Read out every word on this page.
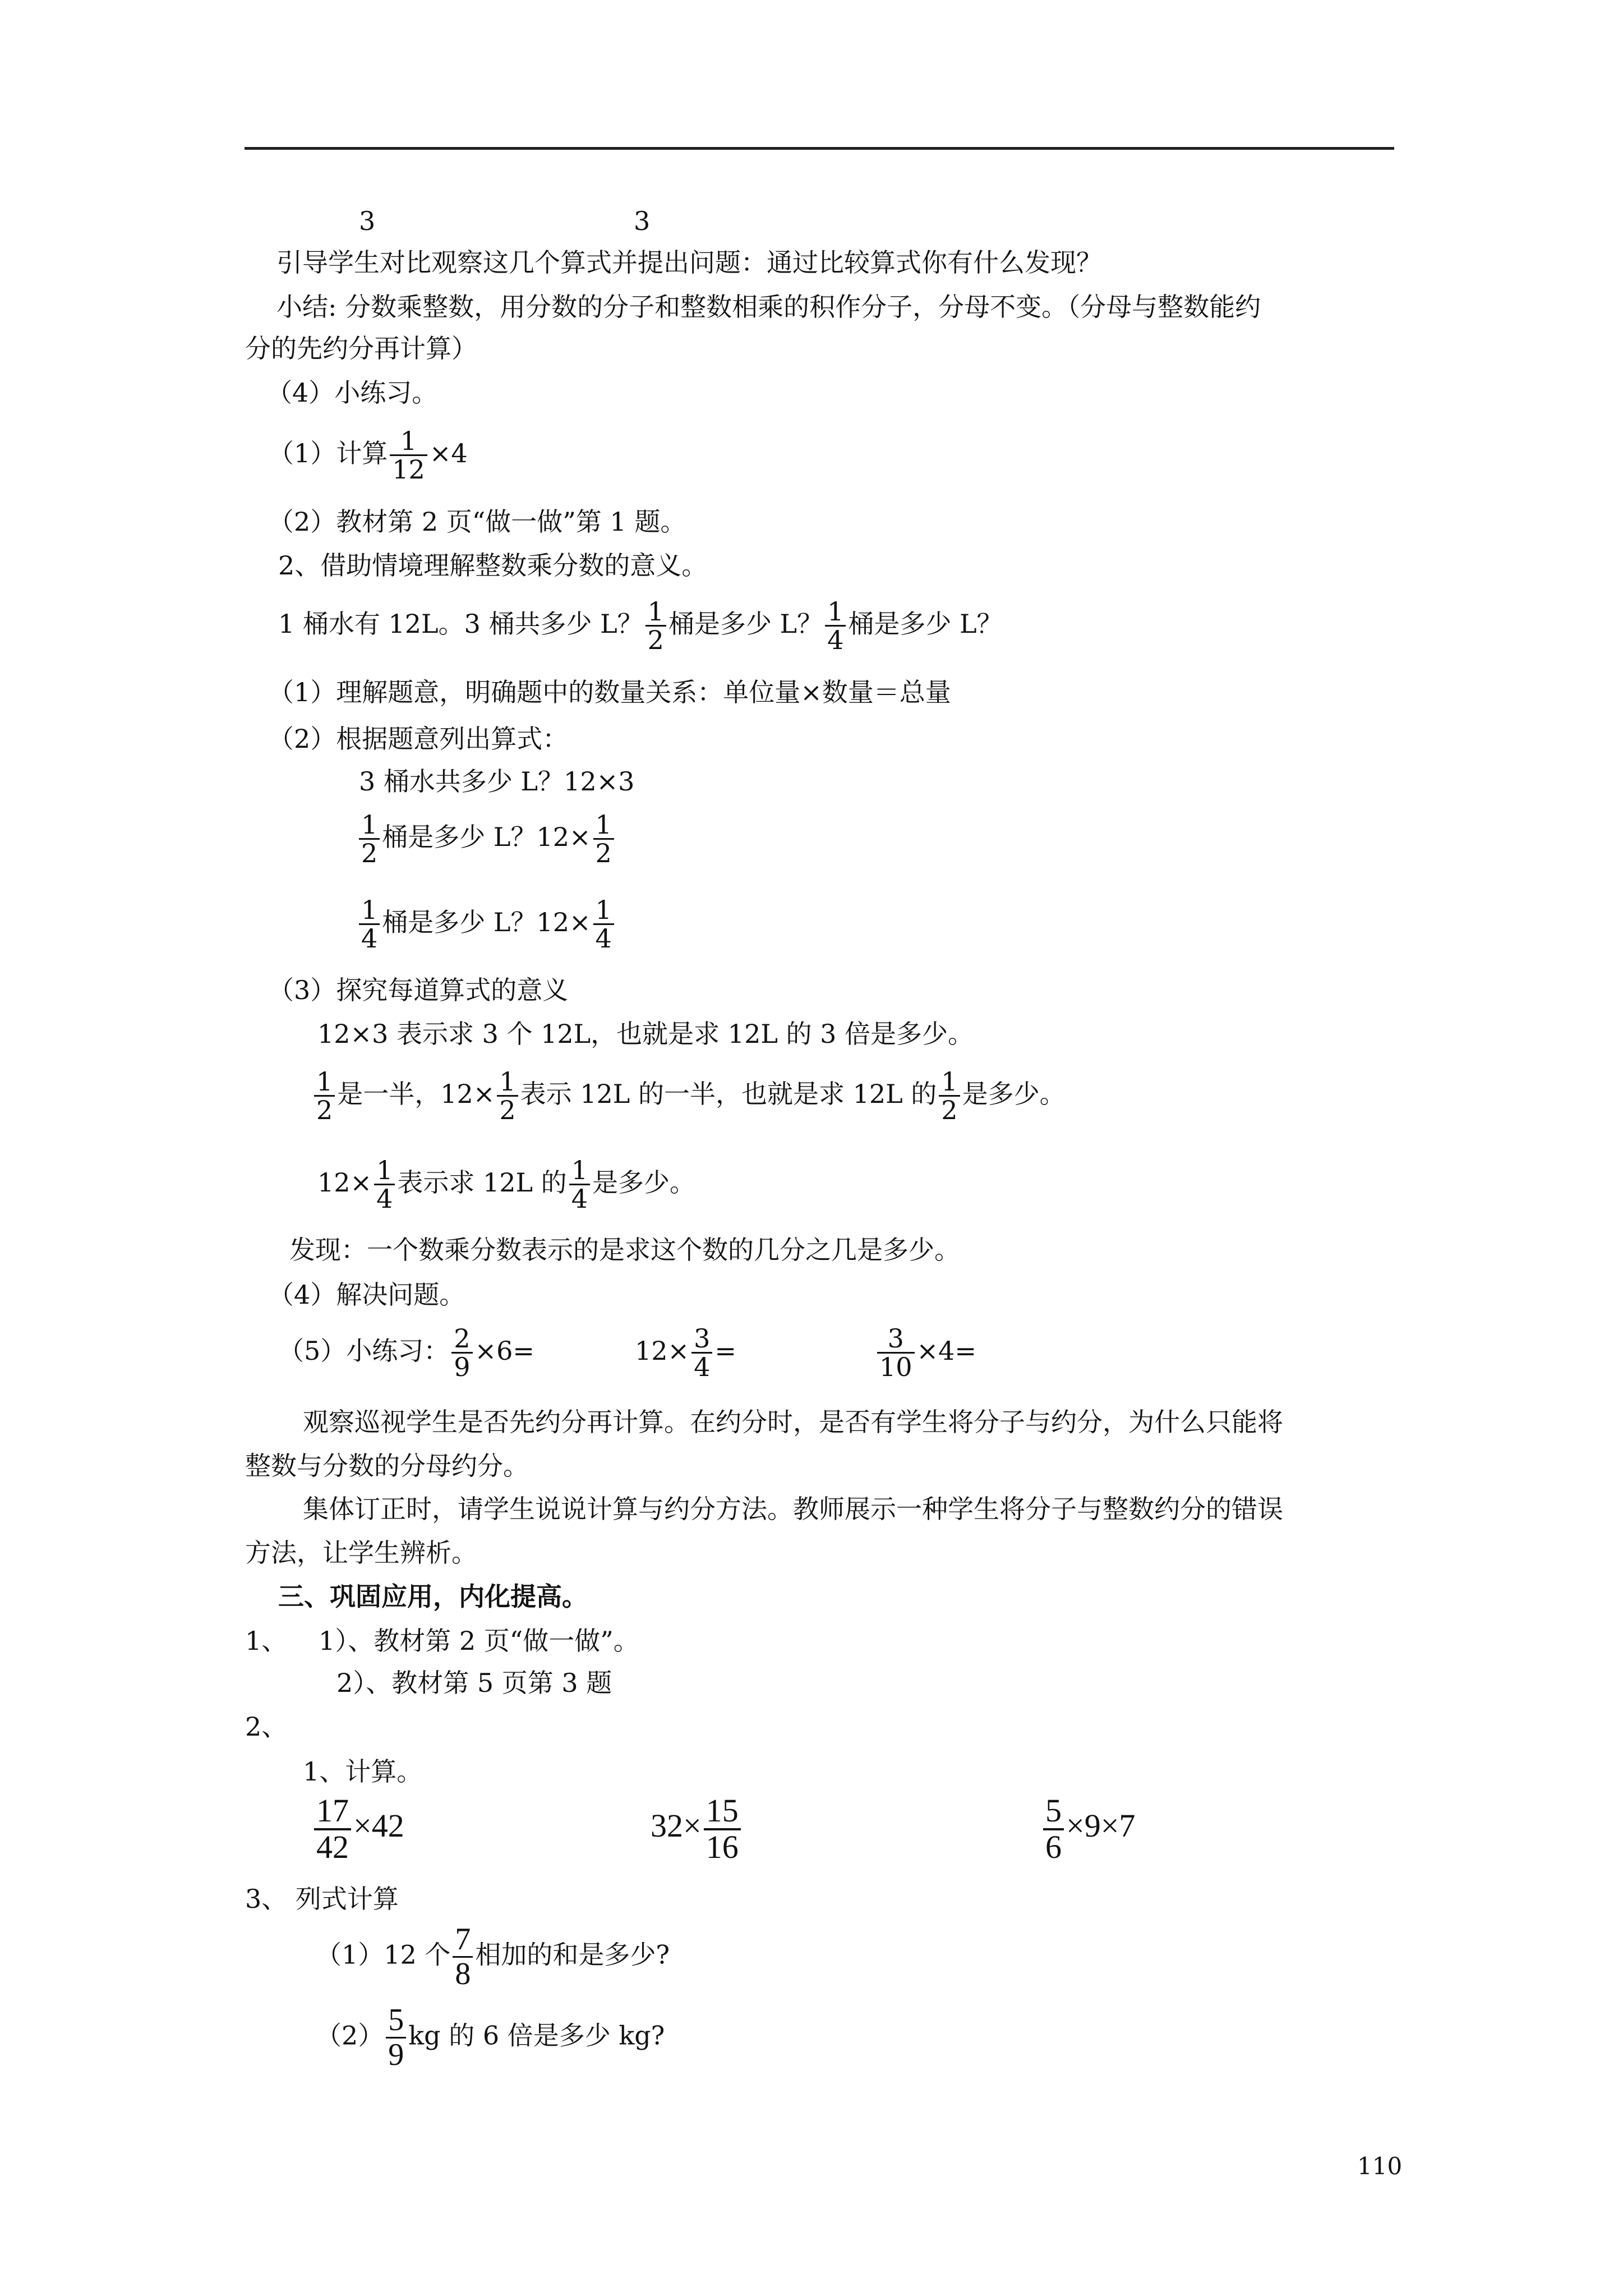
3	3
引导学生对比观察这几个算式并提出问题：通过比较算式你有什么发现？
小结: 分数乘整数，用分数的分子和整数相乘的积作分子，分母不变。（分母与整数能约
分的先约分再计算）
（4）小练习。
（1）计算 $\frac{1}{12} \times 4$
（2）教材第 2 页“做一做”第 1 题。
2、借助情境理解整数乘分数的意义。
1 桶水有 12L。3 桶共多少 L？ $\frac{1}{2}$ 桶是多少 L？ $\frac{1}{4}$ 桶是多少 L？
（1）理解题意，明确题中的数量关系：单位量×数量＝总量
（2）根据题意列出算式：
3 桶水共多少 L？12×3
$\frac{1}{2}$ 桶是多少 L？$12\times \frac{1}{2}$
$\frac{1}{4}$ 桶是多少 L？$12\times \frac{1}{4}$
（3）探究每道算式的意义
12×3 表示求 3 个 12L，也就是求 12L 的 3 倍是多少。
$\frac{1}{2}$ 是一半，$12\times \frac{1}{2}$ 表示 12L 的一半，也就是求 12L 的 $\frac{1}{2}$ 是多少。
$12\times \frac{1}{4}$ 表示求 12L 的 $\frac{1}{4}$ 是多少。
发现：一个数乘分数表示的是求这个数的几分之几是多少。
（4）解决问题。
（5）小练习： $\frac{2}{9} \times 6=$	$12\times \frac{3}{4}$ =	$\frac{3}{10} \times 4=$
观察巡视学生是否先约分再计算。在约分时，是否有学生将分子与约分，为什么只能将
整数与分数的分母约分。
集体订正时，请学生说说计算与约分方法。教师展示一种学生将分子与整数约分的错误
方法，让学生辨析。
三、巩固应用，内化提高。
1、 1）、教材第 2 页“做一做”。
2）、教材第 5 页第 3 题
2、
1、计算。
$\frac{17}{42} \times 42$	$32\times \frac{15}{16}$	$\frac{5}{6} \times 9\times 7$
3、 列式计算
（1）12 个 $\frac{7}{8}$ 相加的和是多少?
$(2) \frac{5}{9}$ kg 的 6 倍是多少 kg?
110
